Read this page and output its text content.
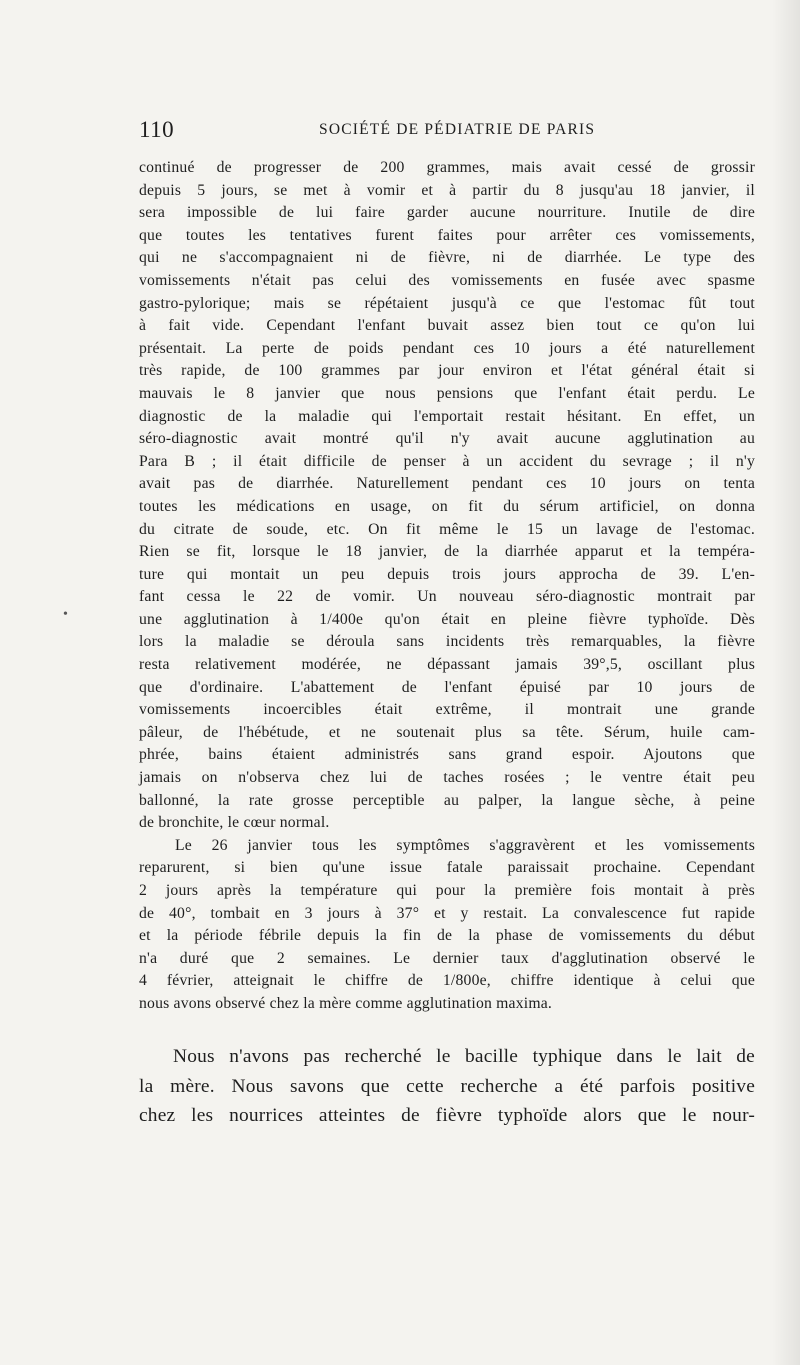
110	SOCIÉTÉ DE PÉDIATRIE DE PARIS
•
continué de progresser de 200 grammes, mais avait cessé de grossir
depuis 5 jours, se met à vomir et à partir du 8 jusqu'au 18 janvier, il
sera impossible de lui faire garder aucune nourriture. Inutile de dire
que toutes les tentatives furent faites pour arrêter ces vomissements,
qui ne s'accompagnaient ni de fièvre, ni de diarrhée. Le type des
vomissements n'était pas celui des vomissements en fusée avec spasme
gastro-pylorique; mais se répétaient jusqu'à ce que l'estomac fût tout
à fait vide. Cependant l'enfant buvait assez bien tout ce qu'on lui
présentait. La perte de poids pendant ces 10 jours a été naturellement
très rapide, de 100 grammes par jour environ et l'état général était si
mauvais le 8 janvier que nous pensions que l'enfant était perdu. Le
diagnostic de la maladie qui l'emportait restait hésitant. En effet, un
séro-diagnostic avait montré qu'il n'y avait aucune agglutination au
Para B ; il était difficile de penser à un accident du sevrage ; il n'y
avait pas de diarrhée. Naturellement pendant ces 10 jours on tenta
toutes les médications en usage, on fit du sérum artificiel, on donna
du citrate de soude, etc. On fit même le 15 un lavage de l'estomac.
Rien se fit, lorsque le 18 janvier, de la diarrhée apparut et la tempéra-
ture qui montait un peu depuis trois jours approcha de 39. L'en-
fant cessa le 22 de vomir. Un nouveau séro-diagnostic montrait par
une agglutination à 1/400e qu'on était en pleine fièvre typhoïde. Dès
lors la maladie se déroula sans incidents très remarquables, la fièvre
resta relativement modérée, ne dépassant jamais 39°,5, oscillant plus
que d'ordinaire. L'abattement de l'enfant épuisé par 10 jours de
vomissements incoercibles était extrême, il montrait une grande
pâleur, de l'hébétude, et ne soutenait plus sa tête. Sérum, huile cam-
phrée, bains étaient administrés sans grand espoir. Ajoutons que
jamais on n'observa chez lui de taches rosées ; le ventre était peu
ballonné, la rate grosse perceptible au palper, la langue sèche, à peine
de bronchite, le cœur normal.
Le 26 janvier tous les symptômes s'aggravèrent et les vomissements
reparurent, si bien qu'une issue fatale paraissait prochaine. Cependant
2 jours après la température qui pour la première fois montait à près
de 40°, tombait en 3 jours à 37° et y restait. La convalescence fut rapide
et la période fébrile depuis la fin de la phase de vomissements du début
n'a duré que 2 semaines. Le dernier taux d'agglutination observé le
4 février, atteignait le chiffre de 1/800e, chiffre identique à celui que
nous avons observé chez la mère comme agglutination maxima.
Nous n'avons pas recherché le bacille typhique dans le lait de
la mère. Nous savons que cette recherche a été parfois positive
chez les nourrices atteintes de fièvre typhoïde alors que le nour-
